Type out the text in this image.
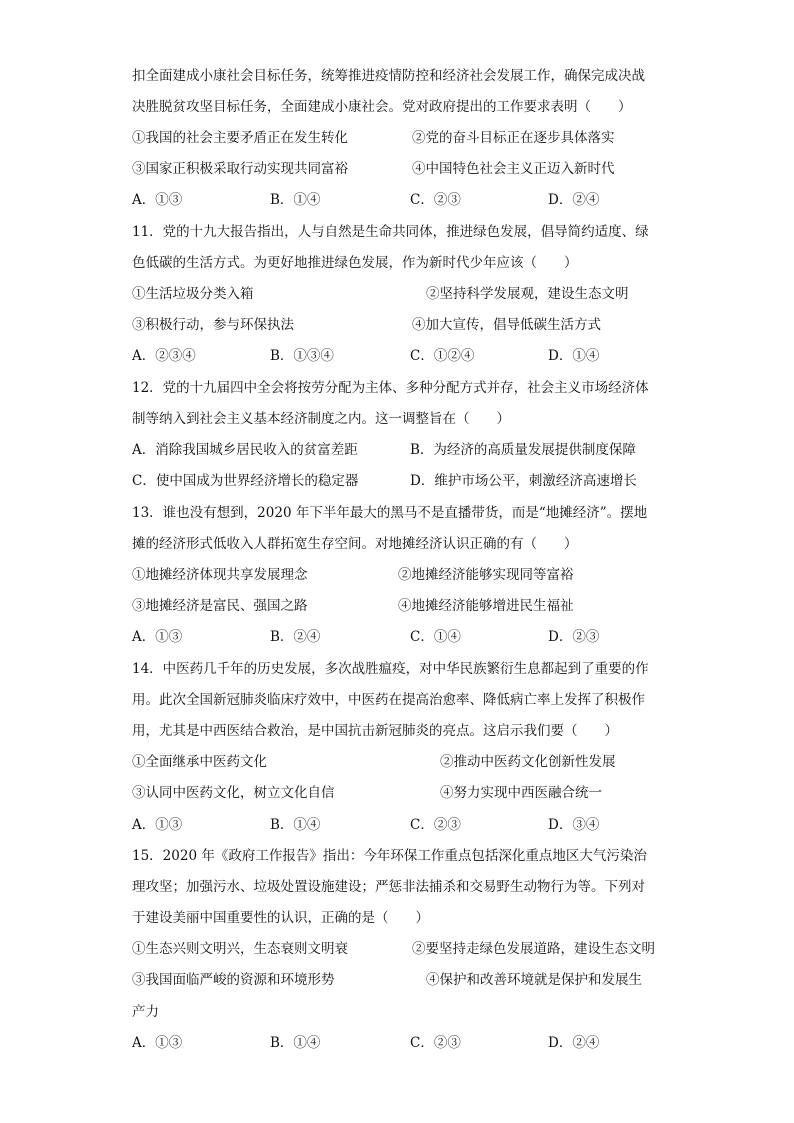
扣全面建成小康社会目标任务，统筹推进疫情防控和经济社会发展工作，确保完成决战
决胜脱贫攻坚目标任务，全面建成小康社会。党对政府提出的工作要求表明（　　）
①我国的社会主要矛盾正在发生转化	②党的奋斗目标正在逐步具体落实
③国家正积极采取行动实现共同富裕	④中国特色社会主义正迈入新时代
A．①③	B．①④	C．②③	D．②④
11．党的十九大报告指出，人与自然是生命共同体，推进绿色发展，倡导简约适度、绿
色低碳的生活方式。为更好地推进绿色发展，作为新时代少年应该（　　）
①生活垃圾分类入箱	②坚持科学发展观，建设生态文明
③积极行动，参与环保执法	④加大宣传，倡导低碳生活方式
A．②③④	B．①③④	C．①②④	D．①④
12．党的十九届四中全会将按劳分配为主体、多种分配方式并存，社会主义市场经济体
制等纳入到社会主义基本经济制度之内。这一调整旨在（　　）
A．消除我国城乡居民收入的贫富差距	B．为经济的高质量发展提供制度保障
C．使中国成为世界经济增长的稳定器	D．维护市场公平，刺激经济高速增长
13．谁也没有想到，2020 年下半年最大的黑马不是直播带货，而是“地摊经济”。摆地
摊的经济形式低收入人群拓宽生存空间。对地摊经济认识正确的有（　　）
①地摊经济体现共享发展理念	②地摊经济能够实现同等富裕
③地摊经济是富民、强国之路	④地摊经济能够增进民生福祉
A．①③	B．②④	C．①④	D．②③
14．中医药几千年的历史发展，多次战胜瘟疫，对中华民族繁衍生息都起到了重要的作
用。此次全国新冠肺炎临床疗效中，中医药在提高治愈率、降低病亡率上发挥了积极作
用，尤其是中西医结合救治，是中国抗击新冠肺炎的亮点。这启示我们要（　　）
①全面继承中医药文化	②推动中医药文化创新性发展
③认同中医药文化，树立文化自信	④努力实现中西医融合统一
A．①③	B．①④	C．②③	D．③④
15．2020 年《政府工作报告》指出：今年环保工作重点包括深化重点地区大气污染治
理攻坚；加强污水、垃圾处置设施建设；严惩非法捕杀和交易野生动物行为等。下列对
于建设美丽中国重要性的认识，正确的是（　　）
①生态兴则文明兴，生态衰则文明衰	②要坚持走绿色发展道路，建设生态文明
③我国面临严峻的资源和环境形势	④保护和改善环境就是保护和发展生
产力
A．①③	B．①④	C．②③	D．②④
